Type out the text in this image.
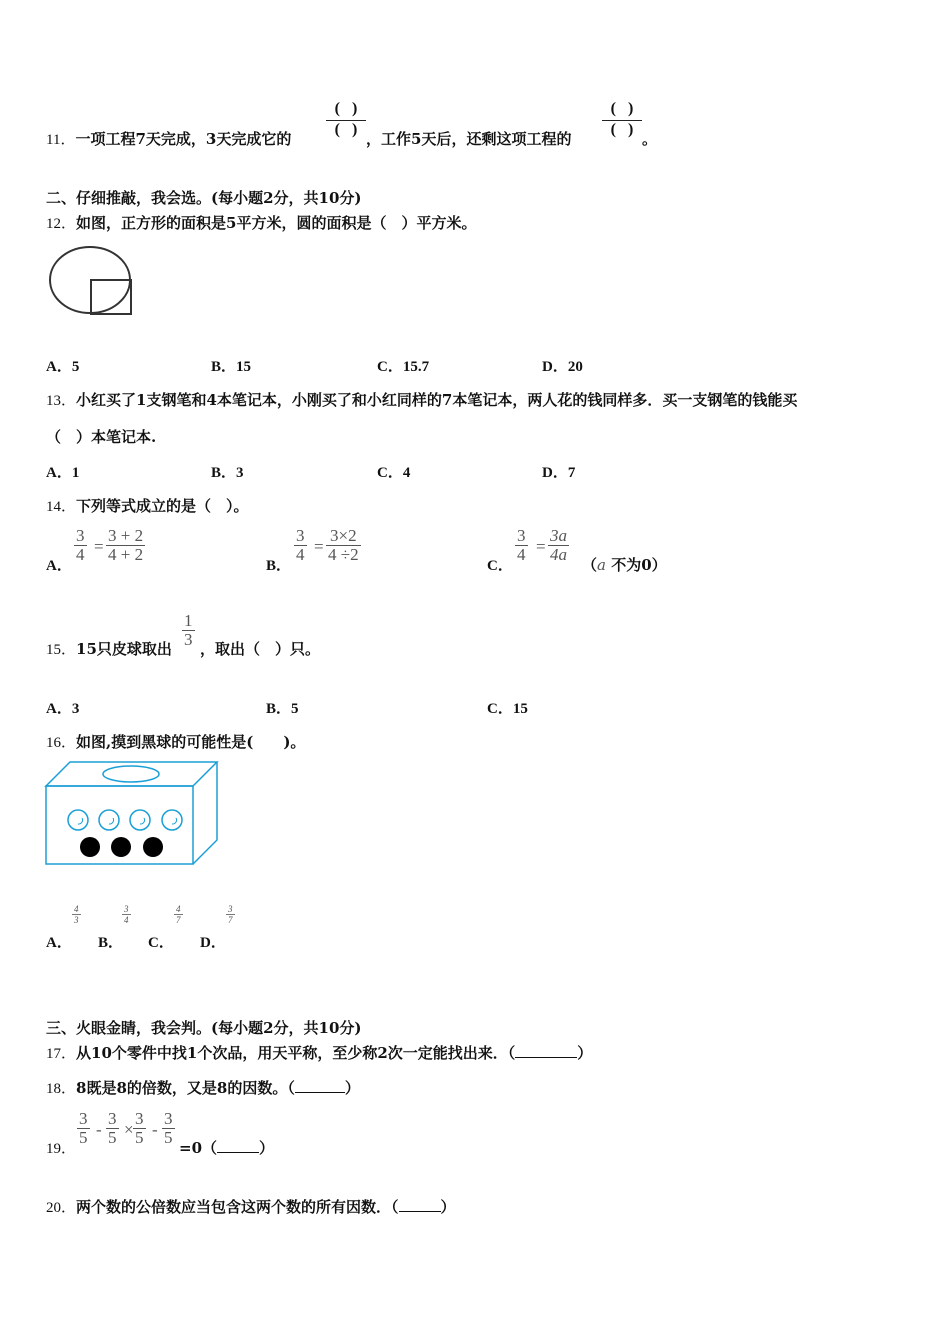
11．一项工程7天完成，3天完成它的
(   )
(   )
，工作5天后，还剩这项工程的
(   )
(   )
。
二、仔细推敲，我会选。(每小题2分，共10分)
12．如图，正方形的面积是5平方米，圆的面积是（　）平方米。
A．5	B．15	C．15.7	D．20
13．小红买了1支钢笔和4本笔记本，小刚买了和小红同样的7本笔记本，两人花的钱同样多．买一支钢笔的钱能买
（　）本笔记本.
A．1	B．3	C．4	D．7
14．下列等式成立的是（　）。
A．
$\frac{3}{4} = \frac{3 + 2}{4 + 2}$
B．
$\frac{3}{4} = \frac{3\times 2}{4 \div 2}$
C．
$\frac{3}{4} = \frac{3a}{4a}$
（a 不为0）
15．15只皮球取出 $\frac{1}{3}$ ，取出（　）只。
A．3	B．5	C．15
16．如图,摸到黑球的可能性是(　　)。
A．
$\frac{4}{3}$
B．
$\frac{3}{4}$
C．
$\frac{4}{7}$
D．
$\frac{3}{7}$
三、火眼金睛，我会判。(每小题2分，共10分)
17．从10个零件中找1个次品，用天平称，至少称2次一定能找出来．（	）
18．8既是8的倍数，又是8的因数。（	）
19．
$\frac{3}{5} - \frac{3}{5} \times \frac{3}{5} - \frac{3}{5}$
=0（	）
20．两个数的公倍数应当包含这两个数的所有因数．（	）
